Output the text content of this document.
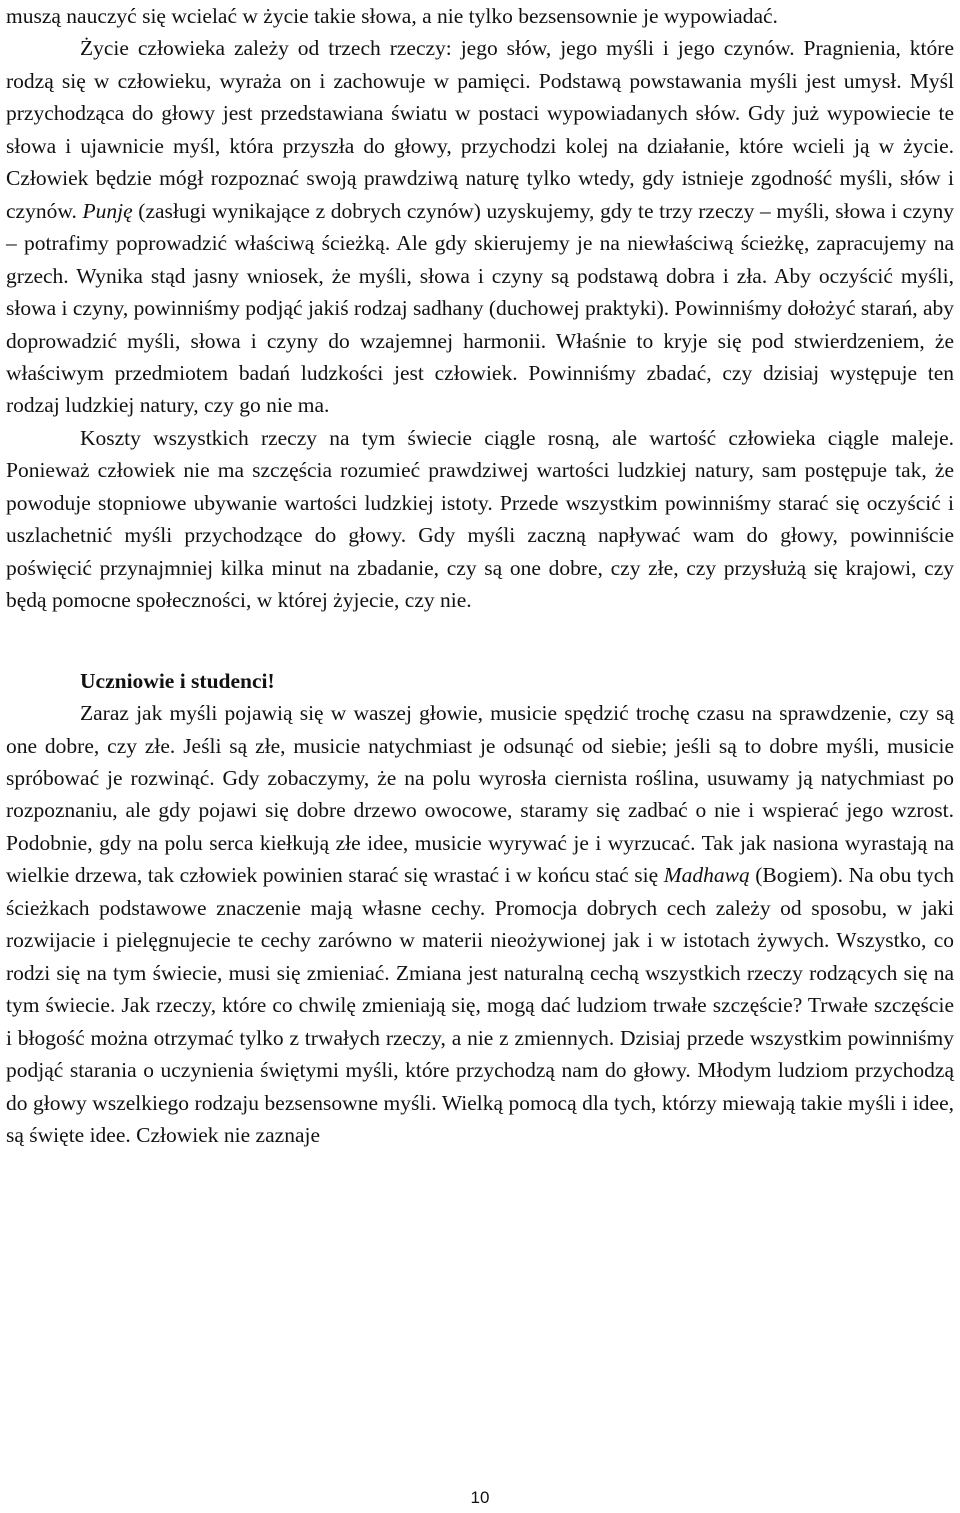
muszą nauczyć się wcielać w życie takie słowa, a nie tylko bezsensownie je wypowiadać.

Życie człowieka zależy od trzech rzeczy: jego słów, jego myśli i jego czynów. Pragnienia, które rodzą się w człowieku, wyraża on i zachowuje w pamięci. Podstawą powstawania myśli jest umysł. Myśl przychodząca do głowy jest przedstawiana światu w postaci wypowiadanych słów. Gdy już wypowiecie te słowa i ujawnicie myśl, która przyszła do głowy, przychodzi kolej na działanie, które wcieli ją w życie. Człowiek będzie mógł rozpoznać swoją prawdziwą naturę tylko wtedy, gdy istnieje zgodność myśli, słów i czynów. Punję (zasługi wynikające z dobrych czynów) uzyskujemy, gdy te trzy rzeczy – myśli, słowa i czyny – potrafimy poprowadzić właściwą ścieżką. Ale gdy skierujemy je na niewłaściwą ścieżkę, zapracujemy na grzech. Wynika stąd jasny wniosek, że myśli, słowa i czyny są podstawą dobra i zła. Aby oczyścić myśli, słowa i czyny, powinniśmy podjąć jakiś rodzaj sadhany (duchowej praktyki). Powinniśmy dołożyć starań, aby doprowadzić myśli, słowa i czyny do wzajemnej harmonii. Właśnie to kryje się pod stwierdzeniem, że właściwym przedmiotem badań ludzkości jest człowiek. Powinniśmy zbadać, czy dzisiaj występuje ten rodzaj ludzkiej natury, czy go nie ma.

Koszty wszystkich rzeczy na tym świecie ciągle rosną, ale wartość człowieka ciągle maleje. Ponieważ człowiek nie ma szczęścia rozumieć prawdziwej wartości ludzkiej natury, sam postępuje tak, że powoduje stopniowe ubywanie wartości ludzkiej istoty. Przede wszystkim powinniśmy starać się oczyścić i uszlachetnić myśli przychodzące do głowy. Gdy myśli zaczną napływać wam do głowy, powinniście poświęcić przynajmniej kilka minut na zbadanie, czy są one dobre, czy złe, czy przysłużą się krajowi, czy będą pomocne społeczności, w której żyjecie, czy nie.

Uczniowie i studenci!

Zaraz jak myśli pojawią się w waszej głowie, musicie spędzić trochę czasu na sprawdzenie, czy są one dobre, czy złe. Jeśli są złe, musicie natychmiast je odsunąć od siebie; jeśli są to dobre myśli, musicie spróbować je rozwinąć. Gdy zobaczymy, że na polu wyrosła ciernista roślina, usuwamy ją natychmiast po rozpoznaniu, ale gdy pojawi się dobre drzewo owocowe, staramy się zadbać o nie i wspierać jego wzrost. Podobnie, gdy na polu serca kiełkują złe idee, musicie wyrywać je i wyrzucać. Tak jak nasiona wyrastają na wielkie drzewa, tak człowiek powinien starać się wrastać i w końcu stać się Madhawą (Bogiem). Na obu tych ścieżkach podstawowe znaczenie mają własne cechy. Promocja dobrych cech zależy od sposobu, w jaki rozwijacie i pielęgnujecie te cechy zarówno w materii nieożywionej jak i w istotach żywych. Wszystko, co rodzi się na tym świecie, musi się zmieniać. Zmiana jest naturalną cechą wszystkich rzeczy rodzących się na tym świecie. Jak rzeczy, które co chwilę zmieniają się, mogą dać ludziom trwałe szczęście? Trwałe szczęście i błogość można otrzymać tylko z trwałych rzeczy, a nie z zmiennych. Dzisiaj przede wszystkim powinniśmy podjąć starania o uczynienia świętymi myśli, które przychodzą nam do głowy. Młodym ludziom przychodzą do głowy wszelkiego rodzaju bezsensowne myśli. Wielką pomocą dla tych, którzy miewają takie myśli i idee, są święte idee. Człowiek nie zaznaje

10
